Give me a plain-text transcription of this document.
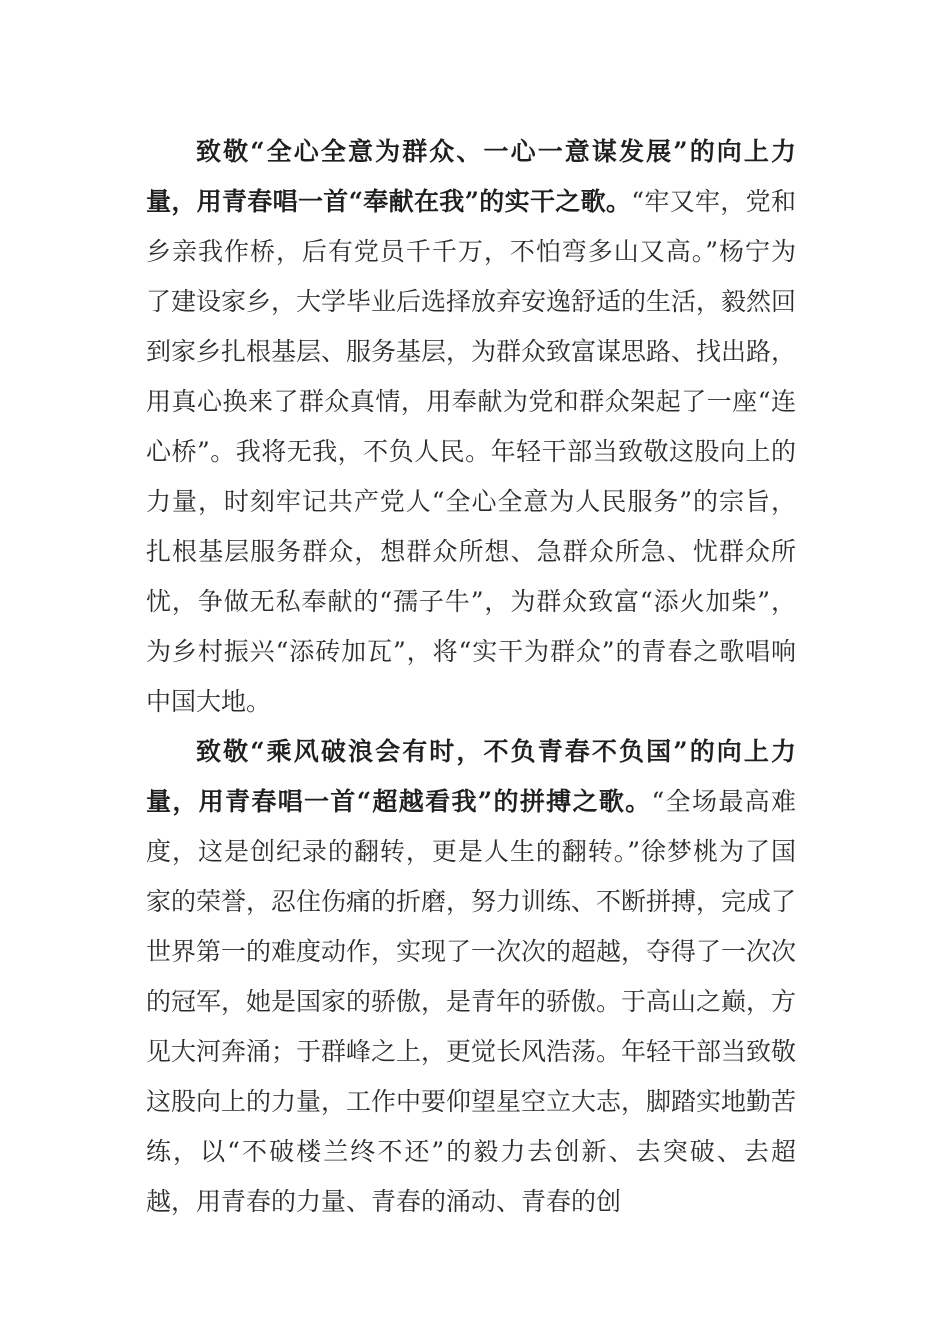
致敬“全心全意为群众、一心一意谋发展”的向上力量，用青春唱一首“奉献在我”的实干之歌。“牢又牢，党和乡亲我作桥，后有党员千千万，不怕弯多山又高。”杨宁为了建设家乡，大学毕业后选择放弃安逸舒适的生活，毅然回到家乡扎根基层、服务基层，为群众致富谋思路、找出路，用真心换来了群众真情，用奉献为党和群众架起了一座“连心桥”。我将无我，不负人民。年轻干部当致敬这股向上的力量，时刻牢记共产党人“全心全意为人民服务”的宗旨，扎根基层服务群众，想群众所想、急群众所急、忧群众所忧，争做无私奉献的“孺子牛”，为群众致富“添火加柴”，为乡村振兴“添砖加瓦”，将“实干为群众”的青春之歌唱响中国大地。

致敬“乘风破浪会有时，不负青春不负国”的向上力量，用青春唱一首“超越看我”的拼搏之歌。“全场最高难度，这是创纪录的翻转，更是人生的翻转。”徐梦桃为了国家的荣誉，忍住伤痛的折磨，努力训练、不断拼搏，完成了世界第一的难度动作，实现了一次次的超越，夺得了一次次的冠军，她是国家的骄傲，是青年的骄傲。于高山之巅，方见大河奔涌；于群峰之上，更觉长风浩荡。年轻干部当致敬这股向上的力量，工作中要仰望星空立大志，脚踏实地勤苦练，以“不破楼兰终不还”的毅力去创新、去突破、去超越，用青春的力量、青春的涌动、青春的创
